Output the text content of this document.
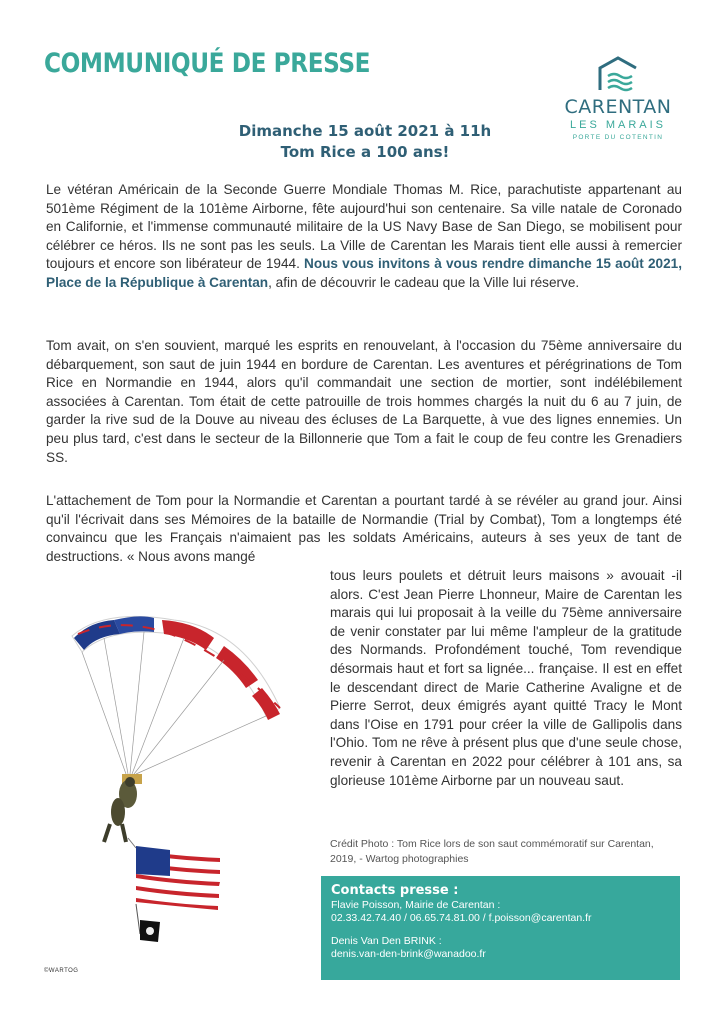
COMMUNIQUÉ DE PRESSE
CARENTAN
LES MARAIS
PORTE DU COTENTIN
Dimanche 15 août 2021 à 11h
Tom Rice a 100 ans!

Le vétéran Américain de la Seconde Guerre Mondiale Thomas M. Rice, parachutiste appartenant au 501ème Régiment de la 101ème Airborne, fête aujourd'hui son centenaire. Sa ville natale de Coronado en Californie, et l'immense communauté militaire de la US Navy Base de San Diego, se mobilisent pour célébrer ce héros. Ils ne sont pas les seuls. La Ville de Carentan les Marais tient elle aussi à remercier toujours et encore son libérateur de 1944. Nous vous invitons à vous rendre dimanche 15 août 2021, Place de la République à Carentan, afin de découvrir le cadeau que la Ville lui réserve.

Tom avait, on s'en souvient, marqué les esprits en renouvelant, à l'occasion du 75ème anniversaire du débarquement, son saut de juin 1944 en bordure de Carentan. Les aventures et pérégrinations de Tom Rice en Normandie en 1944, alors qu'il commandait une section de mortier, sont indélébilement associées à Carentan. Tom était de cette patrouille de trois hommes chargés la nuit du 6 au 7 juin, de garder la rive sud de la Douve au niveau des écluses de La Barquette, à vue des lignes ennemies. Un peu plus tard, c'est dans le secteur de la Billonnerie que Tom a fait le coup de feu contre les Grenadiers SS.

L'attachement de Tom pour la Normandie et Carentan a pourtant tardé à se révéler au grand jour. Ainsi qu'il l'écrivait dans ses Mémoires de la bataille de Normandie (Trial by Combat), Tom a longtemps été convaincu que les Français n'aimaient pas les soldats Américains, auteurs à ses yeux de tant de destructions. « Nous avons mangé

tous leurs poulets et détruit leurs maisons » avouait -il alors. C'est Jean Pierre Lhonneur, Maire de Carentan les marais qui lui proposait à la veille du 75ème anniversaire de venir constater par lui même l'ampleur de la gratitude des Normands. Profondément touché, Tom revendique désormais haut et fort sa lignée... française. Il est en effet le descendant direct de Marie Catherine Avaligne et de Pierre Serrot, deux émigrés ayant quitté Tracy le Mont dans l'Oise en 1791 pour créer la ville de Gallipolis dans l'Ohio. Tom ne rêve à présent plus que d'une seule chose, revenir à Carentan en 2022 pour célébrer à 101 ans, sa glorieuse 101ème Airborne par un nouveau saut.

©WARTOG

Crédit Photo : Tom Rice lors de son saut commémoratif sur Carentan, 2019, - Wartog photographies

Contacts presse :

Flavie Poisson, Mairie de Carentan :

02.33.42.74.40 / 06.65.74.81.00 / f.poisson@carentan.fr

Denis Van Den BRINK :

denis.van-den-brink@wanadoo.fr
